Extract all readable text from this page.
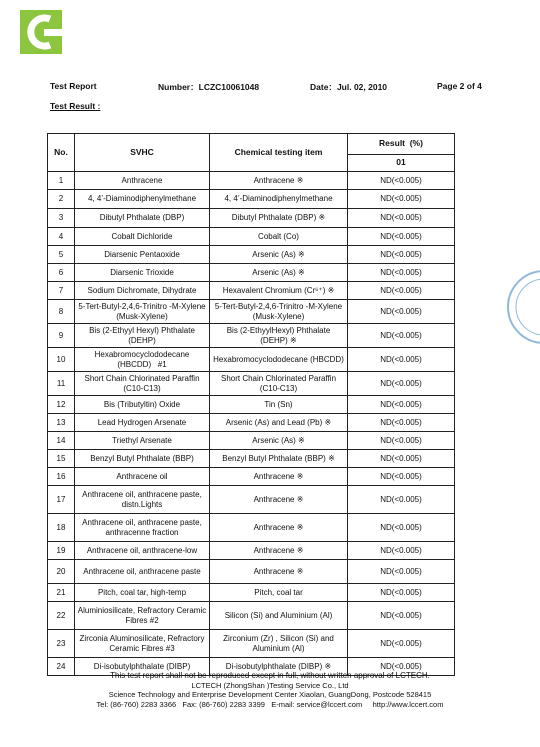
Test Report	Number：LCZC10061048	Date：Jul. 02, 2010	Page 2 of 4
Test Result :
No.	SVHC	Chemical testing item	Result  (%)
			01
1	Anthracene	Anthracene ※	ND(<0.005)
2	4, 4’-Diaminodiphenylmethane	4, 4’-Diaminodiphenylmethane	ND(<0.005)
3	Dibutyl Phthalate (DBP)	Dibutyl Phthalate (DBP) ※	ND(<0.005)
4	Cobalt Dichloride	Cobalt (Co)	ND(<0.005)
5	Diarsenic Pentaoxide	Arsenic (As) ※	ND(<0.005)
6	Diarsenic Trioxide	Arsenic (As) ※	ND(<0.005)
7	Sodium Dichromate, Dihydrate	Hexavalent Chromium (Cr⁶⁺) ※	ND(<0.005)
8	5-Tert-Butyl-2,4,6-Trinitro -M-Xylene (Musk-Xylene)	5-Tert-Butyl-2,4,6-Trinitro -M-Xylene (Musk-Xylene)	ND(<0.005)
9	Bis (2-Ethyyl Hexyl) Phthalate (DEHP)	Bis (2-EthyylHexyl) Phthalate (DEHP) ※	ND(<0.005)
10	Hexabromocyclododecane (HBCDD)   #1	Hexabromocyclododecane (HBCDD)	ND(<0.005)
11	Short Chain Chlorinated Paraffin (C10-C13)	Short Chain Chlorinated Paraffin (C10-C13)	ND(<0.005)
12	Bis (Tributyltin) Oxide	Tin (Sn)	ND(<0.005)
13	Lead Hydrogen Arsenate	Arsenic (As) and Lead (Pb) ※	ND(<0.005)
14	Triethyl Arsenate	Arsenic (As) ※	ND(<0.005)
15	Benzyl Butyl Phthalate (BBP)	Benzyl Butyl Phthalate (BBP) ※	ND(<0.005)
16	Anthracene oil	Anthracene ※	ND(<0.005)
17	Anthracene oil, anthracene paste, distn.Lights	Anthracene ※	ND(<0.005)
18	Anthracene oil, anthracene paste, anthracenne fraction	Anthracene ※	ND(<0.005)
19	Anthracene oil, anthracene-low	Anthracene ※	ND(<0.005)
20	Anthracene oil, anthracene paste	Anthracene ※	ND(<0.005)
21	Pitch, coal tar, high-temp	Pitch, coal tar	ND(<0.005)
22	Aluminiosilicate, Refractory Ceramic Fibres #2	Silicon (Si) and Aluminium (Al)	ND(<0.005)
23	Zirconia Aluminosilicate, Refractory Ceramic Fibres #3	Zirconium (Zr) , Silicon (Si) and Aluminium (Al)	ND(<0.005)
24	Di-isobutylphthalate (DIBP)	Di-isobutylphthalate (DIBP) ※	ND(<0.005)
This test report shall not be reproduced except in full, without written approval of LCTECH.
LCTECH (ZhongShan )Testing Service Co., Ltd
Science Technology and Enterprise Development Center Xiaolan, GuangDong, Postcode 528415
Tel: (86-760) 2283 3366   Fax: (86-760) 2283 3399   E-mail: service@lccert.com     http://www.lccert.com
